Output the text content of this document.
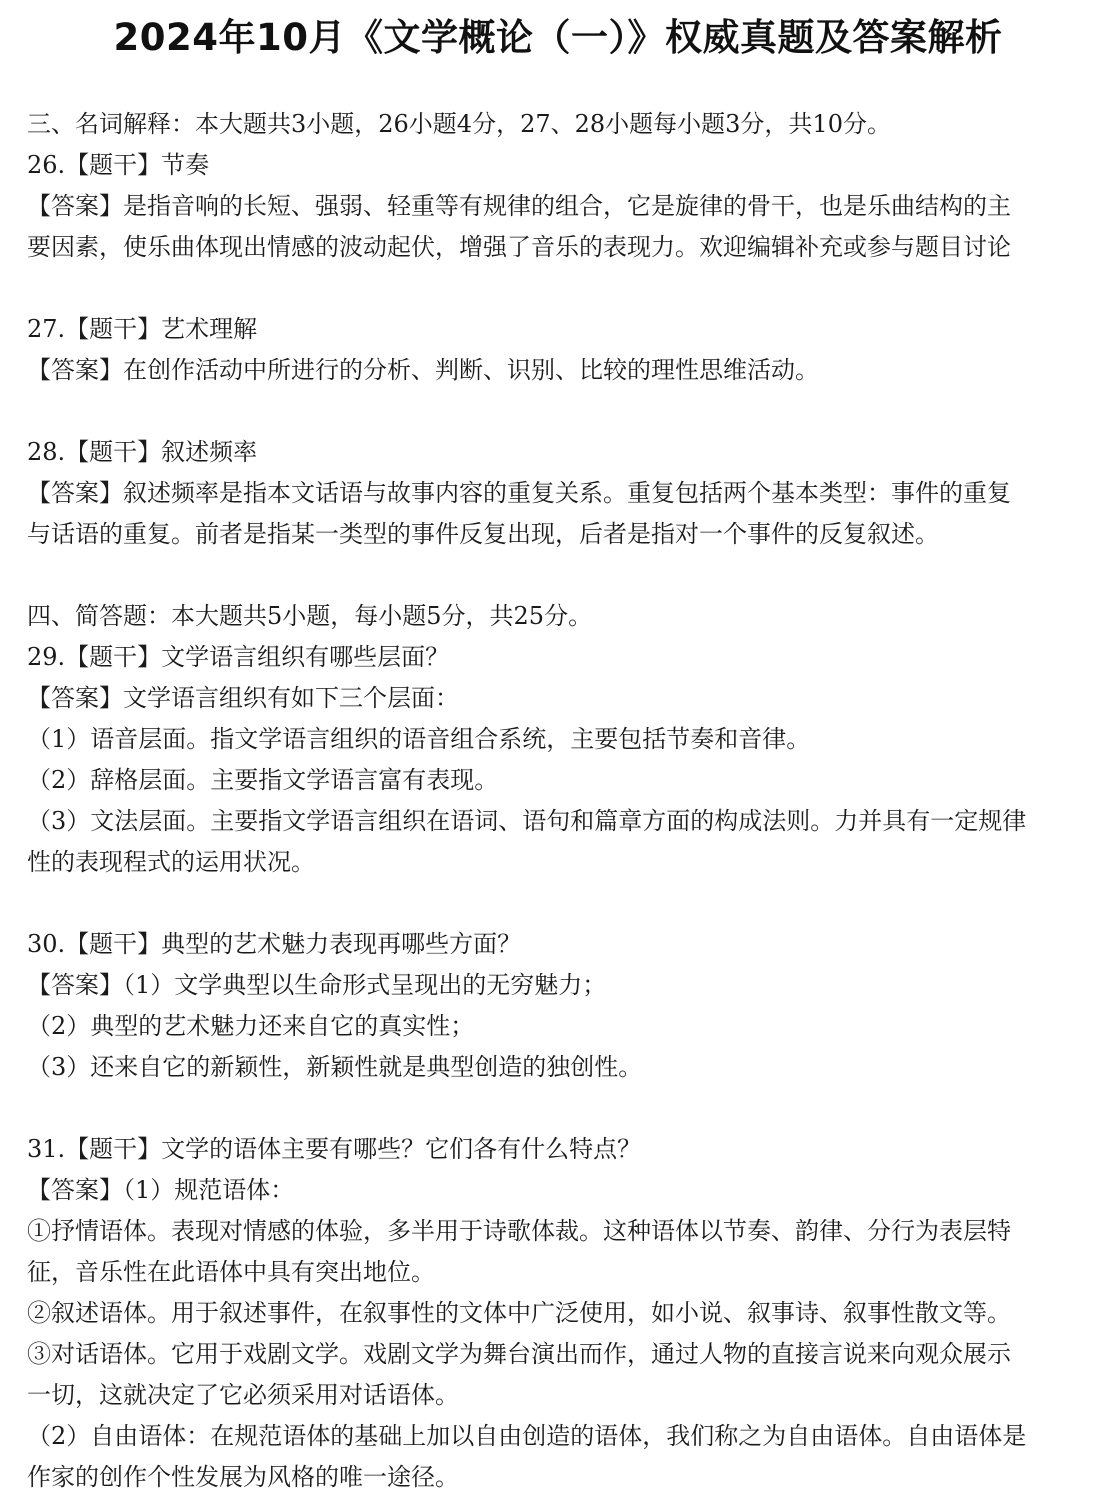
2024年10月《文学概论（一）》权威真题及答案解析
三、名词解释：本大题共3小题，26小题4分，27、28小题每小题3分，共10分。
26.【题干】节奏
【答案】是指音响的长短、强弱、轻重等有规律的组合，它是旋律的骨干，也是乐曲结构的主
要因素，使乐曲体现出情感的波动起伏，增强了音乐的表现力。欢迎编辑补充或参与题目讨论
27.【题干】艺术理解
【答案】在创作活动中所进行的分析、判断、识别、比较的理性思维活动。
28.【题干】叙述频率
【答案】叙述频率是指本文话语与故事内容的重复关系。重复包括两个基本类型：事件的重复
与话语的重复。前者是指某一类型的事件反复出现，后者是指对一个事件的反复叙述。
四、简答题：本大题共5小题，每小题5分，共25分。
29.【题干】文学语言组织有哪些层面？
【答案】文学语言组织有如下三个层面：
（1）语音层面。指文学语言组织的语音组合系统，主要包括节奏和音律。
（2）辞格层面。主要指文学语言富有表现。
（3）文法层面。主要指文学语言组织在语词、语句和篇章方面的构成法则。力并具有一定规律
性的表现程式的运用状况。
30.【题干】典型的艺术魅力表现再哪些方面？
【答案】（1）文学典型以生命形式呈现出的无穷魅力；
（2）典型的艺术魅力还来自它的真实性；
（3）还来自它的新颖性，新颖性就是典型创造的独创性。
31.【题干】文学的语体主要有哪些？它们各有什么特点？
【答案】（1）规范语体：
①抒情语体。表现对情感的体验，多半用于诗歌体裁。这种语体以节奏、韵律、分行为表层特
征，音乐性在此语体中具有突出地位。
②叙述语体。用于叙述事件，在叙事性的文体中广泛使用，如小说、叙事诗、叙事性散文等。
③对话语体。它用于戏剧文学。戏剧文学为舞台演出而作，通过人物的直接言说来向观众展示
一切，这就决定了它必须采用对话语体。
（2）自由语体：在规范语体的基础上加以自由创造的语体，我们称之为自由语体。自由语体是
作家的创作个性发展为风格的唯一途径。
